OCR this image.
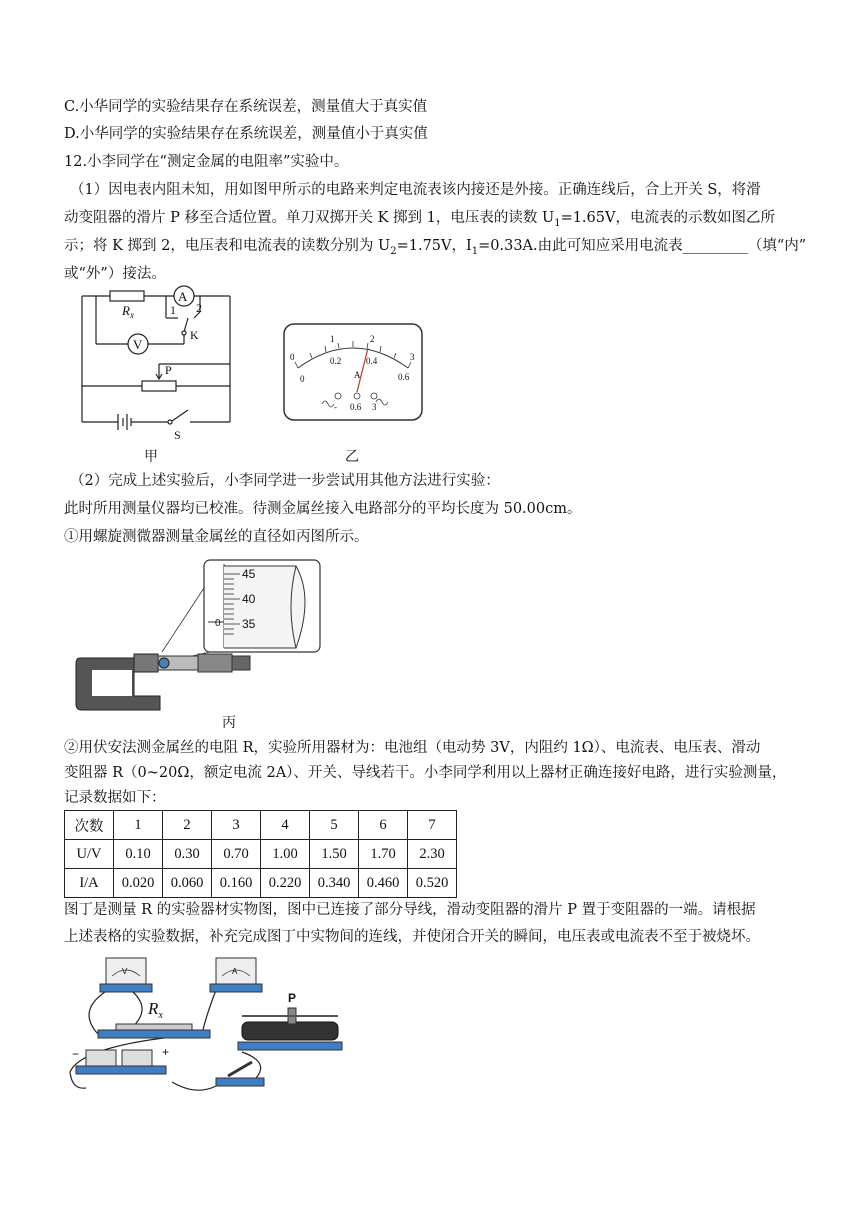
C.小华同学的实验结果存在系统误差，测量值大于真实值
D.小华同学的实验结果存在系统误差，测量值小于真实值
12.小李同学在“测定金属的电阻率”实验中。
（1）因电表内阻未知，用如图甲所示的电路来判定电流表该内接还是外接。正确连线后，合上开关 S，将滑
动变阻器的滑片 P 移至合适位置。单刀双掷开关 K 掷到 1，电压表的读数 $U_1=1.65V$，电流表的示数如图乙所
示；将 K 掷到 2，电压表和电流表的读数分别为 $U_2=1.75V$，$I_1=0.33A$.由此可知应采用电流表_________（填“内”
或“外”）接法。
A
V
$R_x$	1 2
K
P
S
甲
0
1	2
3
0
0.2	0.4
0.6
A
- 0.6 3
乙
（2）完成上述实验后，小李同学进一步尝试用其他方法进行实验：
此时所用测量仪器均已校准。待测金属丝接入电路部分的平均长度为 50.00cm。
①用螺旋测微器测量金属丝的直径如丙图所示。
45
40
35
0
丙
②用伏安法测金属丝的电阻 R，实验所用器材为：电池组（电动势 3V，内阻约 1Ω）、电流表、电压表、滑动
变阻器 R（0~20Ω，额定电流 2A）、开关、导线若干。小李同学利用以上器材正确连接好电路，进行实验测量，
记录数据如下：
次数	1	2	3	4	5	6	7
U/V	0.10	0.30	0.70	1.00	1.50	1.70	2.30
I/A	0.020	0.060	0.160	0.220	0.340	0.460	0.520
图丁是测量 R 的实验器材实物图，图中已连接了部分导线，滑动变阻器的滑片 P 置于变阻器的一端。请根据
上述表格的实验数据，补充完成图丁中实物间的连线，并使闭合开关的瞬间，电压表或电流表不至于被烧坏。
V	A
$R_x$
P
−	+
